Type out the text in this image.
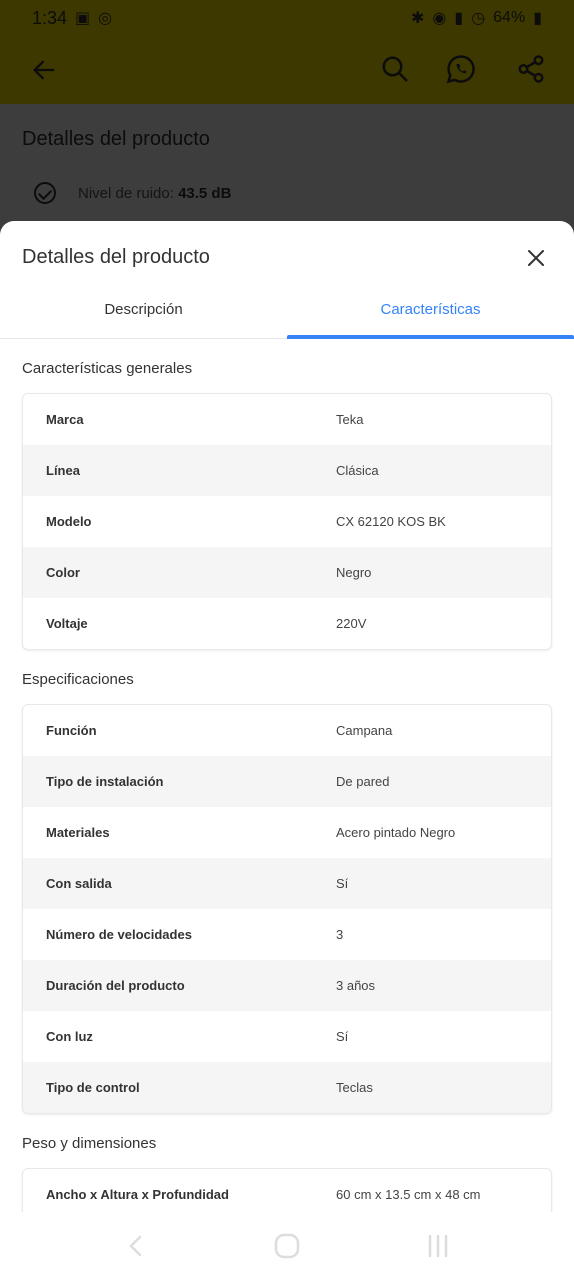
Detalles del producto
Descripción	Características
Características generales
Marca	Teka
Línea	Clásica
Modelo	CX 62120 KOS BK
Color	Negro
Voltaje	220V
Especificaciones
Función	Campana
Tipo de instalación	De pared
Materiales	Acero pintado Negro
Con salida	Sí
Número de velocidades	3
Duración del producto	3 años
Con luz	Sí
Tipo de control	Teclas
Peso y dimensiones
Ancho x Altura x Profundidad	60 cm x 13.5 cm x 48 cm
